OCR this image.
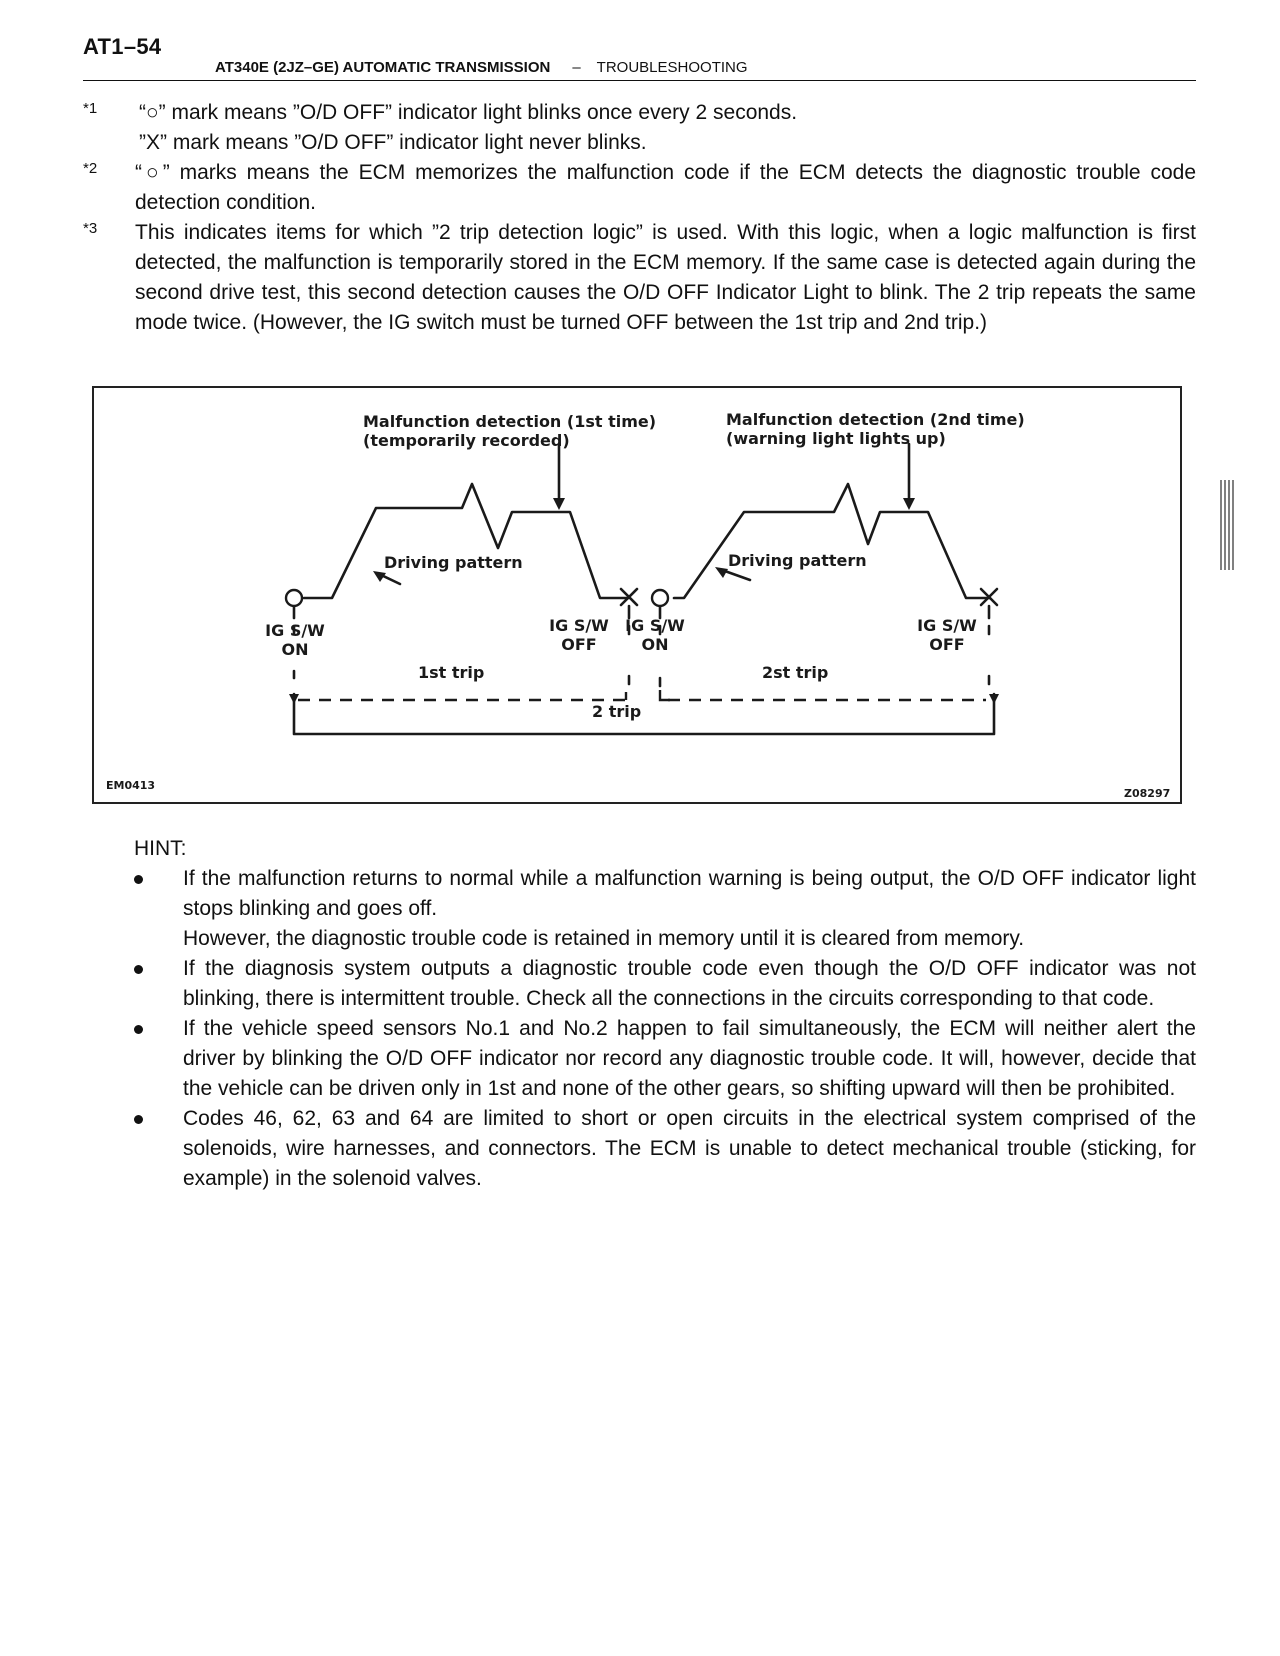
AT1–54
AT340E (2JZ–GE) AUTOMATIC TRANSMISSION – TROUBLESHOOTING
*1 “○” mark means ”O/D OFF” indicator light blinks once every 2 seconds.

”X” mark means ”O/D OFF” indicator light never blinks.

*2 “○” marks means the ECM memorizes the malfunction code if the ECM detects the diagnostic trouble code detection condition.

*3 This indicates items for which ”2 trip detection logic” is used. With this logic, when a logic malfunction is first detected, the malfunction is temporarily stored in the ECM memory. If the same case is detected again during the second drive test, this second detection causes the O/D OFF Indicator Light to blink. The 2 trip repeats the same mode twice. (However, the IG switch must be turned OFF between the 1st trip and 2nd trip.)

Malfunction detection (1st time)
(temporarily recorded)
Malfunction detection (2nd time)
(warning light lights up)
Driving pattern	Driving pattern
IG S/W
ON
IG S/W
OFF
IG S/W
ON
IG S/W
OFF
1st trip	2st trip
2 trip
EM0413
Z08297
HINT:

If the malfunction returns to normal while a malfunction warning is being output, the O/D OFF indicator light stops blinking and goes off.

However, the diagnostic trouble code is retained in memory until it is cleared from memory.

If the diagnosis system outputs a diagnostic trouble code even though the O/D OFF indicator was not blinking, there is intermittent trouble. Check all the connections in the circuits corresponding to that code.

If the vehicle speed sensors No.1 and No.2 happen to fail simultaneously, the ECM will neither alert the driver by blinking the O/D OFF indicator nor record any diagnostic trouble code. It will, however, decide that the vehicle can be driven only in 1st and none of the other gears, so shifting upward will then be prohibited.

Codes 46, 62, 63 and 64 are limited to short or open circuits in the electrical system comprised of the solenoids, wire harnesses, and connectors. The ECM is unable to detect mechanical trouble (sticking, for example) in the solenoid valves.
